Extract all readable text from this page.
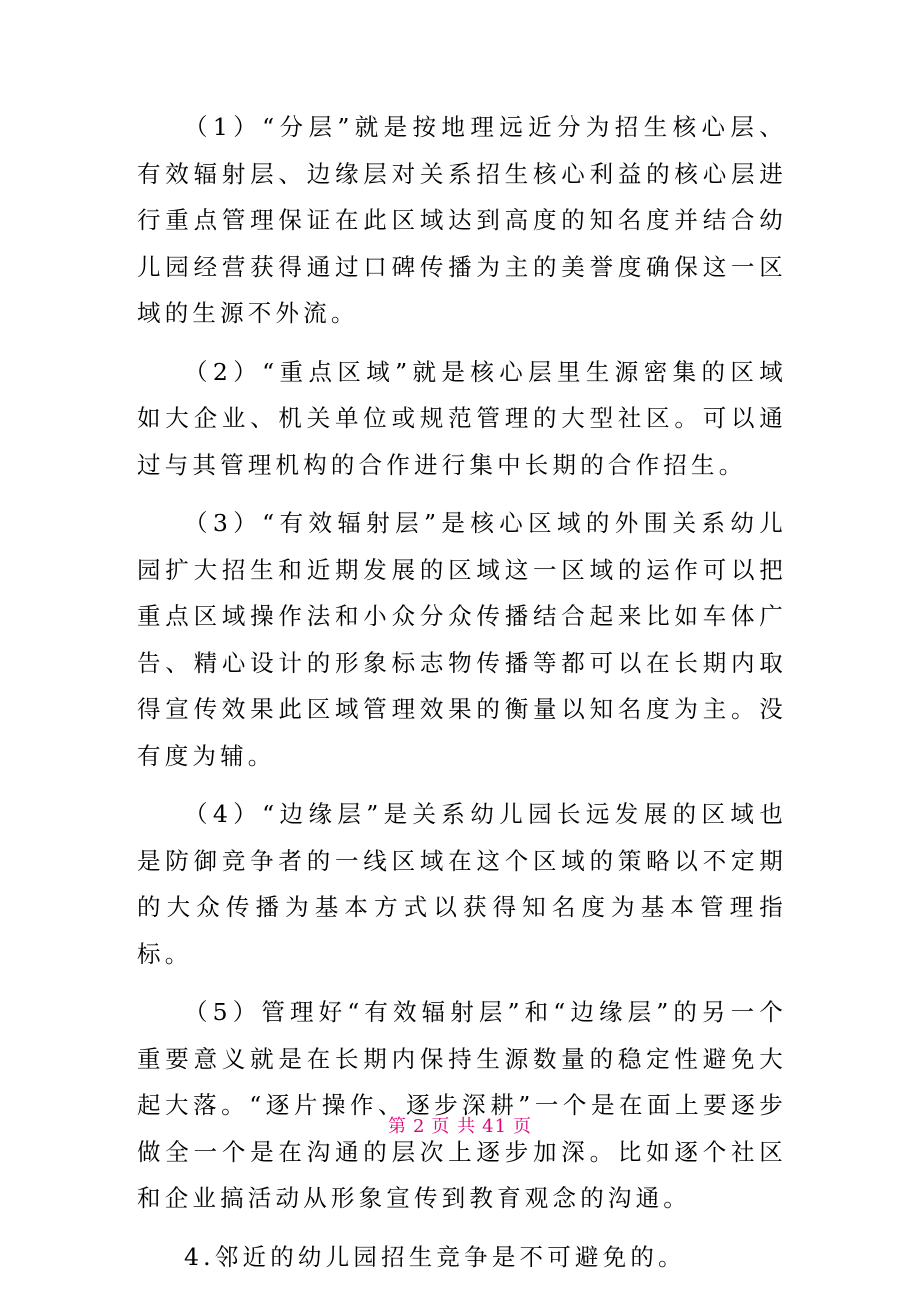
（1）“分层”就是按地理远近分为招生核心层、有效辐射层、边缘层对关系招生核心利益的核心层进行重点管理保证在此区域达到高度的知名度并结合幼儿园经营获得通过口碑传播为主的美誉度确保这一区域的生源不外流。

（2）“重点区域”就是核心层里生源密集的区域如大企业、机关单位或规范管理的大型社区。可以通过与其管理机构的合作进行集中长期的合作招生。

（3）“有效辐射层”是核心区域的外围关系幼儿园扩大招生和近期发展的区域这一区域的运作可以把重点区域操作法和小众分众传播结合起来比如车体广告、精心设计的形象标志物传播等都可以在长期内取得宣传效果此区域管理效果的衡量以知名度为主。没有度为辅。

（4）“边缘层”是关系幼儿园长远发展的区域也是防御竞争者的一线区域在这个区域的策略以不定期的大众传播为基本方式以获得知名度为基本管理指标。

（5）管理好“有效辐射层”和“边缘层”的另一个重要意义就是在长期内保持生源数量的稳定性避免大起大落。“逐片操作、逐步深耕”一个是在面上要逐步做全一个是在沟通的层次上逐步加深。比如逐个社区和企业搞活动从形象宣传到教育观念的沟通。

4.邻近的幼儿园招生竞争是不可避免的。

第 2 页 共 41 页
